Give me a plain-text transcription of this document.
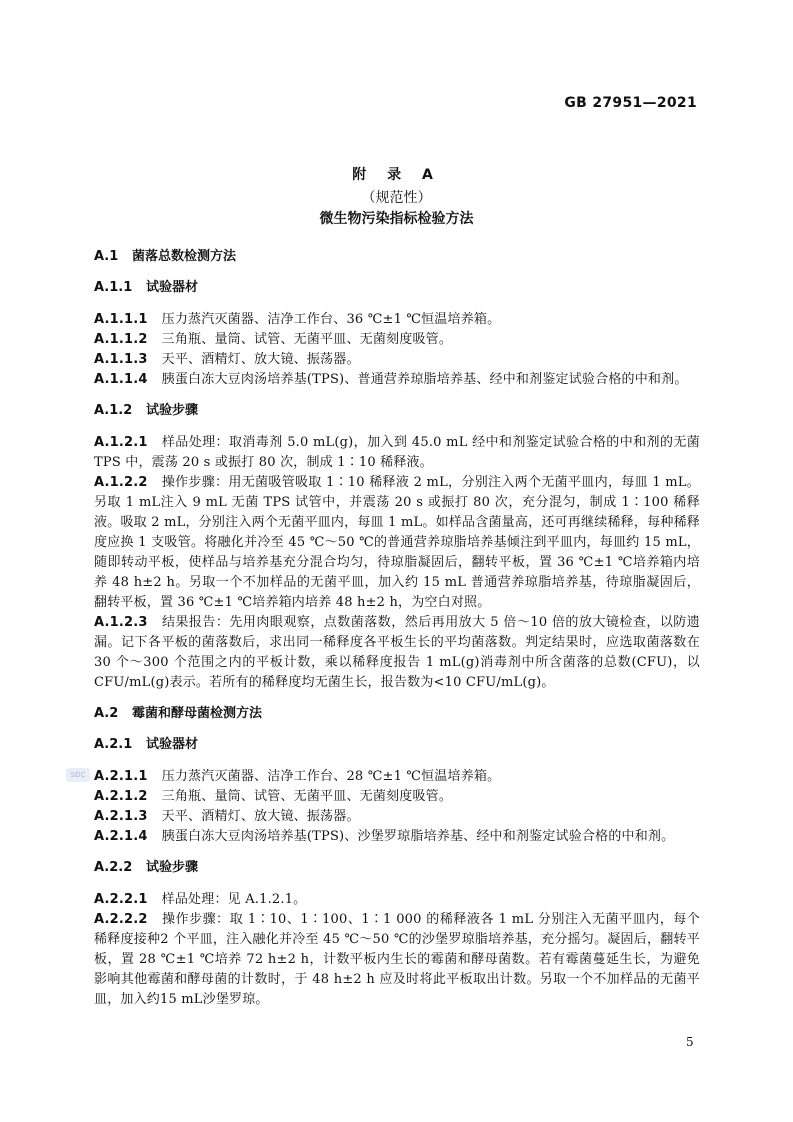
GB 27951—2021
附 录 A
（规范性）
微生物污染指标检验方法
SDC

A.1 菌落总数检测方法

A.1.1 试验器材

A.1.1.1 压力蒸汽灭菌器、洁净工作台、36 ℃±1 ℃恒温培养箱。

A.1.1.2 三角瓶、量筒、试管、无菌平皿、无菌刻度吸管。

A.1.1.3 天平、酒精灯、放大镜、振荡器。

A.1.1.4 胰蛋白冻大豆肉汤培养基(TPS)、普通营养琼脂培养基、经中和剂鉴定试验合格的中和剂。

A.1.2 试验步骤

A.1.2.1 样品处理：取消毒剂 5.0 mL(g)，加入到 45.0 mL 经中和剂鉴定试验合格的中和剂的无菌 TPS 中，震荡 20 s 或振打 80 次，制成 1∶10 稀释液。

A.1.2.2 操作步骤：用无菌吸管吸取 1∶10 稀释液 2 mL，分别注入两个无菌平皿内，每皿 1 mL。另取 1 mL注入 9 mL 无菌 TPS 试管中，并震荡 20 s 或振打 80 次，充分混匀，制成 1∶100 稀释液。吸取 2 mL，分别注入两个无菌平皿内，每皿 1 mL。如样品含菌量高，还可再继续稀释，每种稀释度应换 1 支吸管。将融化并冷至 45 ℃～50 ℃的普通营养琼脂培养基倾注到平皿内，每皿约 15 mL，随即转动平板，使样品与培养基充分混合均匀，待琼脂凝固后，翻转平板，置 36 ℃±1 ℃培养箱内培养 48 h±2 h。另取一个不加样品的无菌平皿，加入约 15 mL 普通营养琼脂培养基，待琼脂凝固后，翻转平板，置 36 ℃±1 ℃培养箱内培养 48 h±2 h，为空白对照。

A.1.2.3 结果报告：先用肉眼观察，点数菌落数，然后再用放大 5 倍～10 倍的放大镜检查，以防遗漏。记下各平板的菌落数后，求出同一稀释度各平板生长的平均菌落数。判定结果时，应选取菌落数在 30 个～300 个范围之内的平板计数，乘以稀释度报告 1 mL(g)消毒剂中所含菌落的总数(CFU)，以 CFU/mL(g)表示。若所有的稀释度均无菌生长，报告数为<10 CFU/mL(g)。

A.2 霉菌和酵母菌检测方法

A.2.1 试验器材

A.2.1.1 压力蒸汽灭菌器、洁净工作台、28 ℃±1 ℃恒温培养箱。

A.2.1.2 三角瓶、量筒、试管、无菌平皿、无菌刻度吸管。

A.2.1.3 天平、酒精灯、放大镜、振荡器。

A.2.1.4 胰蛋白冻大豆肉汤培养基(TPS)、沙堡罗琼脂培养基、经中和剂鉴定试验合格的中和剂。

A.2.2 试验步骤

A.2.2.1 样品处理：见 A.1.2.1。

A.2.2.2 操作步骤：取 1∶10、1∶100、1∶1 000 的稀释液各 1 mL 分别注入无菌平皿内，每个稀释度接种2 个平皿，注入融化并冷至 45 ℃～50 ℃的沙堡罗琼脂培养基，充分摇匀。凝固后，翻转平板，置 28 ℃±1 ℃培养 72 h±2 h，计数平板内生长的霉菌和酵母菌数。若有霉菌蔓延生长，为避免影响其他霉菌和酵母菌的计数时，于 48 h±2 h 应及时将此平板取出计数。另取一个不加样品的无菌平皿，加入约15 mL沙堡罗琼。

5
